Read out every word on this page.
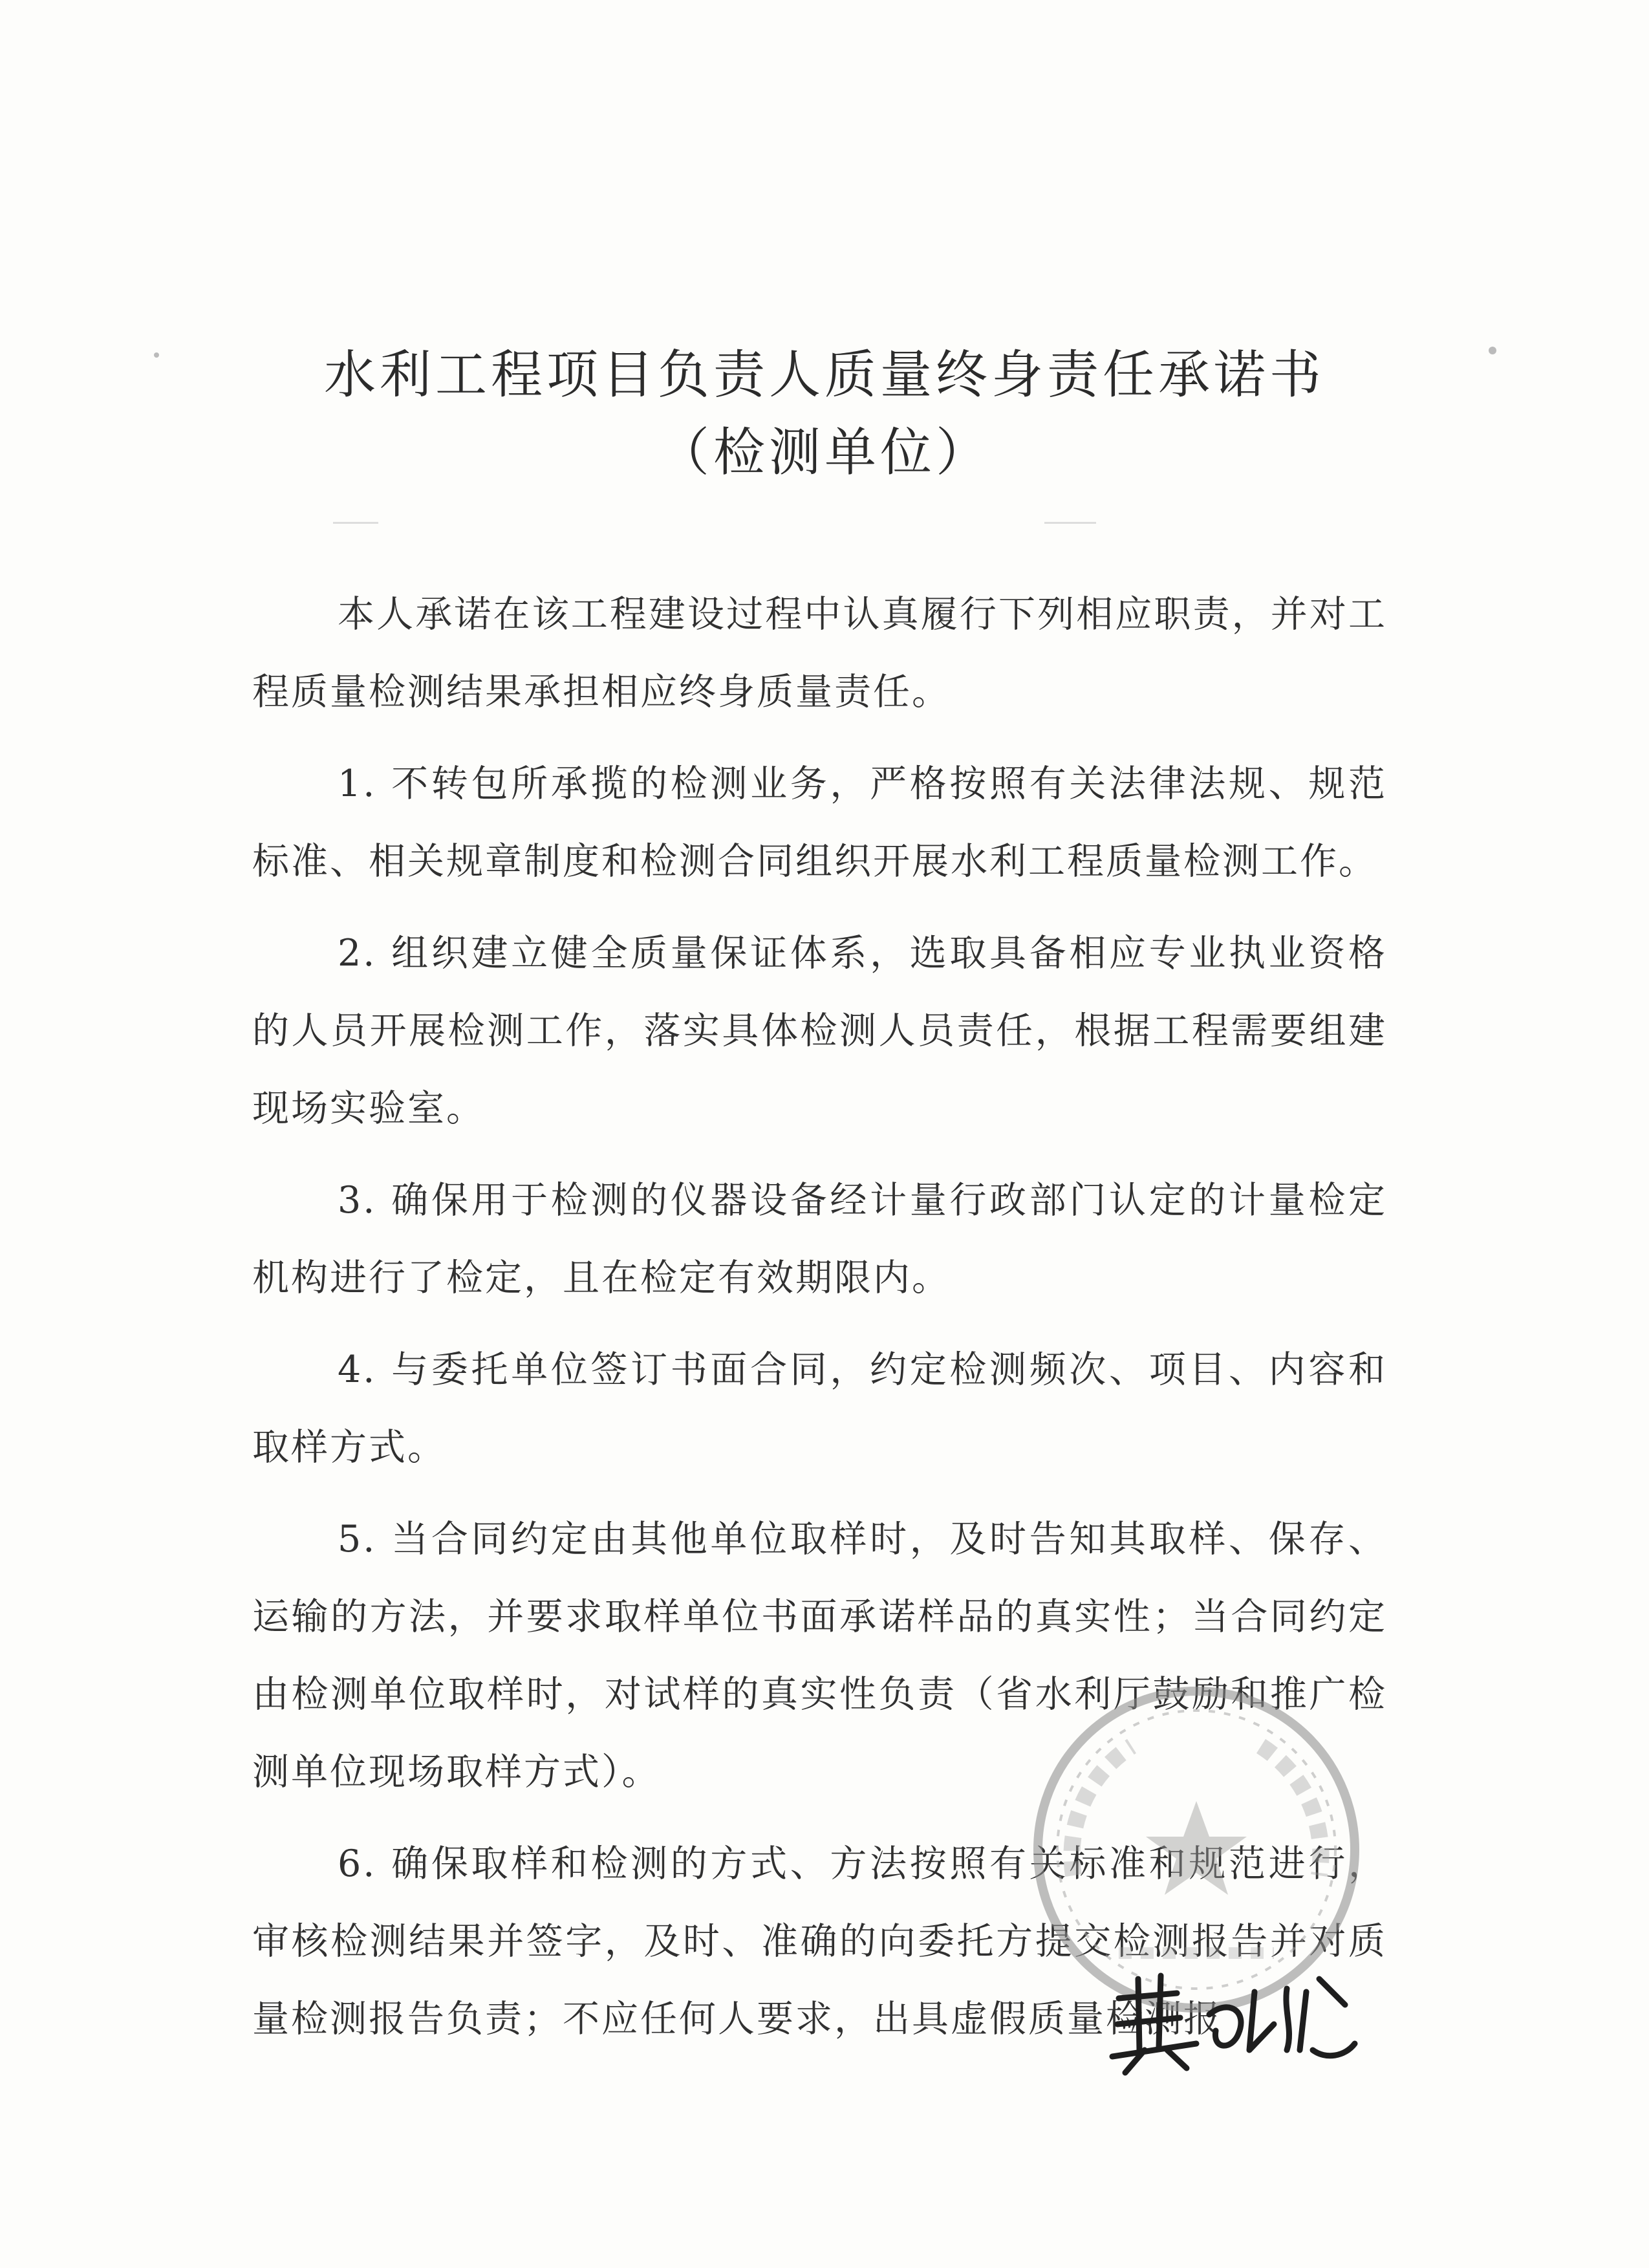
水利工程项目负责人质量终身责任承诺书
（检测单位）

本人承诺在该工程建设过程中认真履行下列相应职责，并对工程质量检测结果承担相应终身质量责任。

1. 不转包所承揽的检测业务，严格按照有关法律法规、规范标准、相关规章制度和检测合同组织开展水利工程质量检测工作。

2. 组织建立健全质量保证体系，选取具备相应专业执业资格的人员开展检测工作，落实具体检测人员责任，根据工程需要组建现场实验室。

3. 确保用于检测的仪器设备经计量行政部门认定的计量检定机构进行了检定，且在检定有效期限内。

4. 与委托单位签订书面合同，约定检测频次、项目、内容和取样方式。

5. 当合同约定由其他单位取样时，及时告知其取样、保存、运输的方法，并要求取样单位书面承诺样品的真实性；当合同约定由检测单位取样时，对试样的真实性负责（省水利厅鼓励和推广检测单位现场取样方式）。

6. 确保取样和检测的方式、方法按照有关标准和规范进行，审核检测结果并签字，及时、准确的向委托方提交检测报告并对质量检测报告负责；不应任何人要求，出具虚假质量检测报
